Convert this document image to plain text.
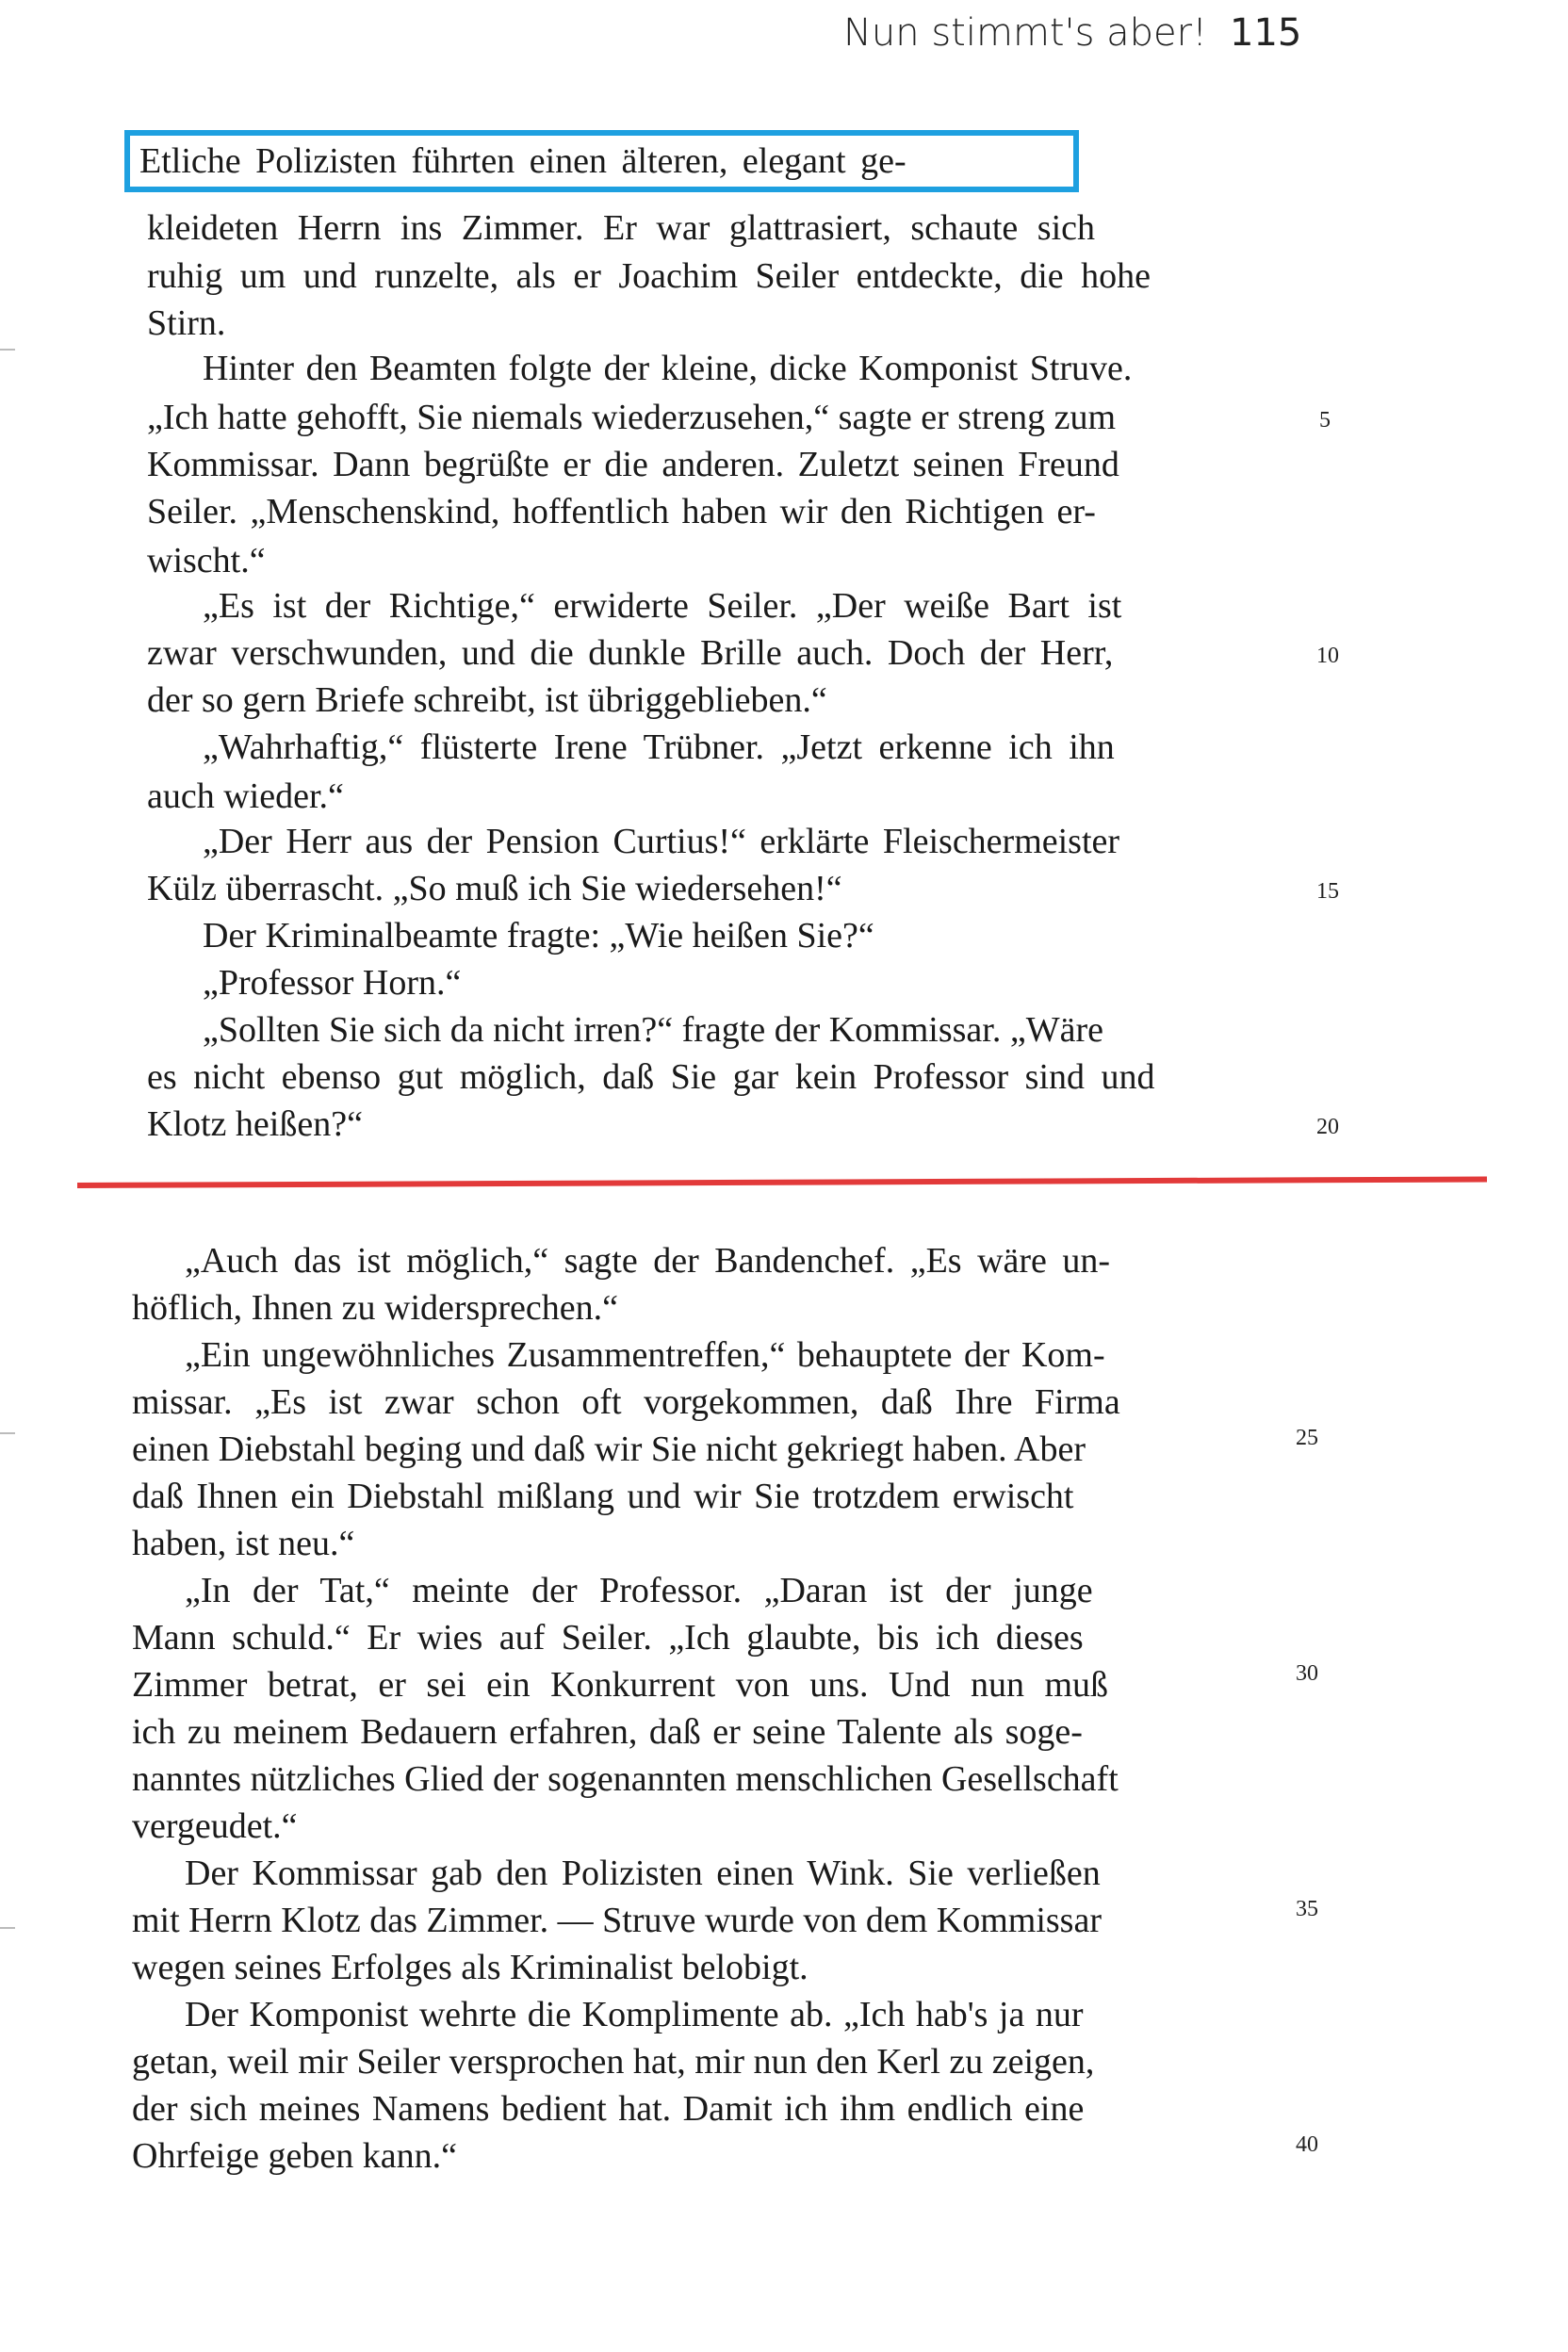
Nun stimmt's aber! 115
Etliche Polizisten führten einen älteren, elegant ge-
kleideten Herrn ins Zimmer. Er war glattrasiert, schaute sich
ruhig um und runzelte, als er Joachim Seiler entdeckte, die hohe
Stirn.
Hinter den Beamten folgte der kleine, dicke Komponist Struve.
„Ich hatte gehofft, Sie niemals wiederzusehen,“ sagte er streng zum
Kommissar. Dann begrüßte er die anderen. Zuletzt seinen Freund
Seiler. „Menschenskind, hoffentlich haben wir den Richtigen er-
wischt.“
„Es ist der Richtige,“ erwiderte Seiler. „Der weiße Bart ist
zwar verschwunden, und die dunkle Brille auch. Doch der Herr,
der so gern Briefe schreibt, ist übriggeblieben.“
„Wahrhaftig,“ flüsterte Irene Trübner. „Jetzt erkenne ich ihn
auch wieder.“
„Der Herr aus der Pension Curtius!“ erklärte Fleischermeister
Külz überrascht. „So muß ich Sie wiedersehen!“
Der Kriminalbeamte fragte: „Wie heißen Sie?“
„Professor Horn.“
„Sollten Sie sich da nicht irren?“ fragte der Kommissar. „Wäre
es nicht ebenso gut möglich, daß Sie gar kein Professor sind und
Klotz heißen?“
5
10
15
20
„Auch das ist möglich,“ sagte der Bandenchef. „Es wäre un-
höflich, Ihnen zu widersprechen.“
„Ein ungewöhnliches Zusammentreffen,“ behauptete der Kom-
missar. „Es ist zwar schon oft vorgekommen, daß Ihre Firma
einen Diebstahl beging und daß wir Sie nicht gekriegt haben. Aber
daß Ihnen ein Diebstahl mißlang und wir Sie trotzdem erwischt
haben, ist neu.“
„In der Tat,“ meinte der Professor. „Daran ist der junge
Mann schuld.“ Er wies auf Seiler. „Ich glaubte, bis ich dieses
Zimmer betrat, er sei ein Konkurrent von uns. Und nun muß
ich zu meinem Bedauern erfahren, daß er seine Talente als soge-
nanntes nützliches Glied der sogenannten menschlichen Gesellschaft
vergeudet.“
Der Kommissar gab den Polizisten einen Wink. Sie verließen
mit Herrn Klotz das Zimmer. — Struve wurde von dem Kommissar
wegen seines Erfolges als Kriminalist belobigt.
Der Komponist wehrte die Komplimente ab. „Ich hab's ja nur
getan, weil mir Seiler versprochen hat, mir nun den Kerl zu zeigen,
der sich meines Namens bedient hat. Damit ich ihm endlich eine
Ohrfeige geben kann.“
25
30
35
40
